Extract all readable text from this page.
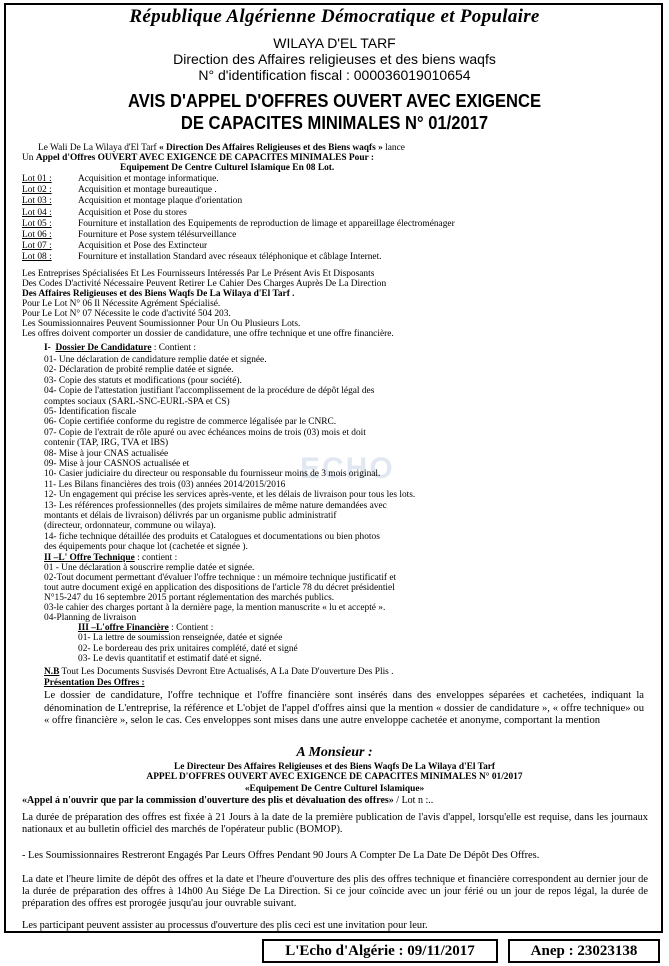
République Algérienne Démocratique et Populaire
WILAYA D'EL TARF
Direction des Affaires religieuses et des biens waqfs
N° d'identification fiscal : 000036019010654
AVIS D'APPEL D'OFFRES OUVERT AVEC EXIGENCE
DE CAPACITES MINIMALES N° 01/2017
ECHO
Le Wali De La Wilaya d'El Tarf « Direction Des Affaires Religieuses et des Biens waqfs » lance
Un Appel d'Offres OUVERT AVEC EXIGENCE DE CAPACITES MINIMALES Pour :
Equipement De Centre Culturel Islamique En 08 Lot.
Lot 01 :	Acquisition et montage informatique.
Lot 02 :	Acquisition et montage bureautique .
Lot 03 :	Acquisition et montage plaque d'orientation
Lot 04 :	Acquisition et Pose du stores
Lot 05 :	Fourniture et installation des Equipements de reproduction de limage et appareillage électroménager
Lot 06 :	Fourniture et Pose system télésurveillance
Lot 07 :	Acquisition et Pose des Extincteur
Lot 08 :	Fourniture et installation Standard avec réseaux téléphonique et câblage Internet.
Les Entreprises Spécialisées Et Les Fournisseurs Intéressés Par Le Présent Avis Et Disposants
Des Codes D'activité Nécessaire Peuvent Retirer Le Cahier Des Charges Auprès De La Direction
Des Affaires Religieuses et des Biens Waqfs De La Wilaya d'El Tarf .
Pour Le Lot N° 06 Il Nécessite Agrément Spécialisé.
Pour Le Lot N° 07 Nécessite le code d'activité 504 203.
Les Soumissionnaires Peuvent Soumissionner Pour Un Ou Plusieurs Lots.
Les offres doivent comporter un dossier de candidature, une offre technique et une offre financière.
I- Dossier De Candidature : Contient :
01- Une déclaration de candidature remplie datée et signée.
02- Déclaration de probité remplie datée et signée.
03- Copie des statuts et modifications (pour société).
04- Copie de l'attestation justifiant l'accomplissement de la procédure de dépôt légal des
comptes sociaux (SARL-SNC-EURL-SPA et CS)
05- Identification fiscale
06- Copie certifiée conforme du registre de commerce légalisée par le CNRC.
07- Copie de l'extrait de rôle apuré ou avec échéances moins de trois (03) mois et doit
contenir (TAP, IRG, TVA et IBS)
08- Mise à jour CNAS actualisée
09- Mise à jour CASNOS actualisée et
10- Casier judiciaire du directeur ou responsable du fournisseur moins de 3 mois original.
11- Les Bilans financières des trois (03) années 2014/2015/2016
12- Un engagement qui précise les services après-vente, et les délais de livraison pour tous les lots.
13- Les références professionnelles (des projets similaires de même nature demandées avec
montants et délais de livraison) délivrés par un organisme public administratif
(directeur, ordonnateur, commune ou wilaya).
14- fiche technique détaillée des produits et Catalogues et documentations ou bien photos
des équipements pour chaque lot (cachetée et signée ).
II –L' Offre Technique : contient :
01 - Une déclaration à souscrire remplie datée et signée.
02-Tout document permettant d'évaluer l'offre technique : un mémoire technique justificatif et
tout autre document exigé en application des dispositions de l'article 78 du décret présidentiel
N°15-247 du 16 septembre 2015 portant réglementation des marchés publics.
03-le cahier des charges portant à la dernière page, la mention manuscrite « lu et accepté ».
04-Planning de livraison
III –L'offre Financière : Contient :
01- La lettre de soumission renseignée, datée et signée
02- Le bordereau des prix unitaires complété, daté et signé
03- Le devis quantitatif et estimatif daté et signé.
N.B Tout Les Documents Susvisés Devront Etre Actualisés, A La Date D'ouverture Des Plis .
Présentation Des Offres :
Le dossier de candidature, l'offre technique et l'offre financière sont insérés dans des enveloppes séparées et cachetées, indiquant la dénomination de L'entreprise, la référence et L'objet de l'appel d'offres ainsi que la mention « dossier de candidature », « offre technique» ou « offre financière », selon le cas. Ces enveloppes sont mises dans une autre enveloppe cachetée et anonyme, comportant la mention
A Monsieur :
Le Directeur Des Affaires Religieuses et des Biens Waqfs De La Wilaya d'El Tarf
APPEL D'OFFRES OUVERT AVEC EXIGENCE DE CAPACITES MINIMALES N° 01/2017
«Equipement De Centre Culturel Islamique»
«Appel à n'ouvrir que par la commission d'ouverture des plis et dévaluation des offres» / Lot n :..
La durée de préparation des offres est fixée à 21 Jours à la date de la première publication de l'avis d'appel, lorsqu'elle est requise, dans les journaux nationaux et au bulletin officiel des marchés de l'opérateur public (BOMOP).
- Les Soumissionnaires Restreront Engagés Par Leurs Offres Pendant 90 Jours A Compter De La Date De Dépôt Des Offres.
La date et l'heure limite de dépôt des offres et la date et l'heure d'ouverture des plis des offres technique et financière correspondent au dernier jour de la durée de préparation des offres à 14h00 Au Siége De La Direction. Si ce jour coïncide avec un jour férié ou un jour de repos légal, la durée de préparation des offres est prorogée jusqu'au jour ouvrable suivant.
Les participant peuvent assister au processus d'ouverture des plis ceci est une invitation pour leur.
L'Echo d'Algérie : 09/11/2017	Anep : 23023138
